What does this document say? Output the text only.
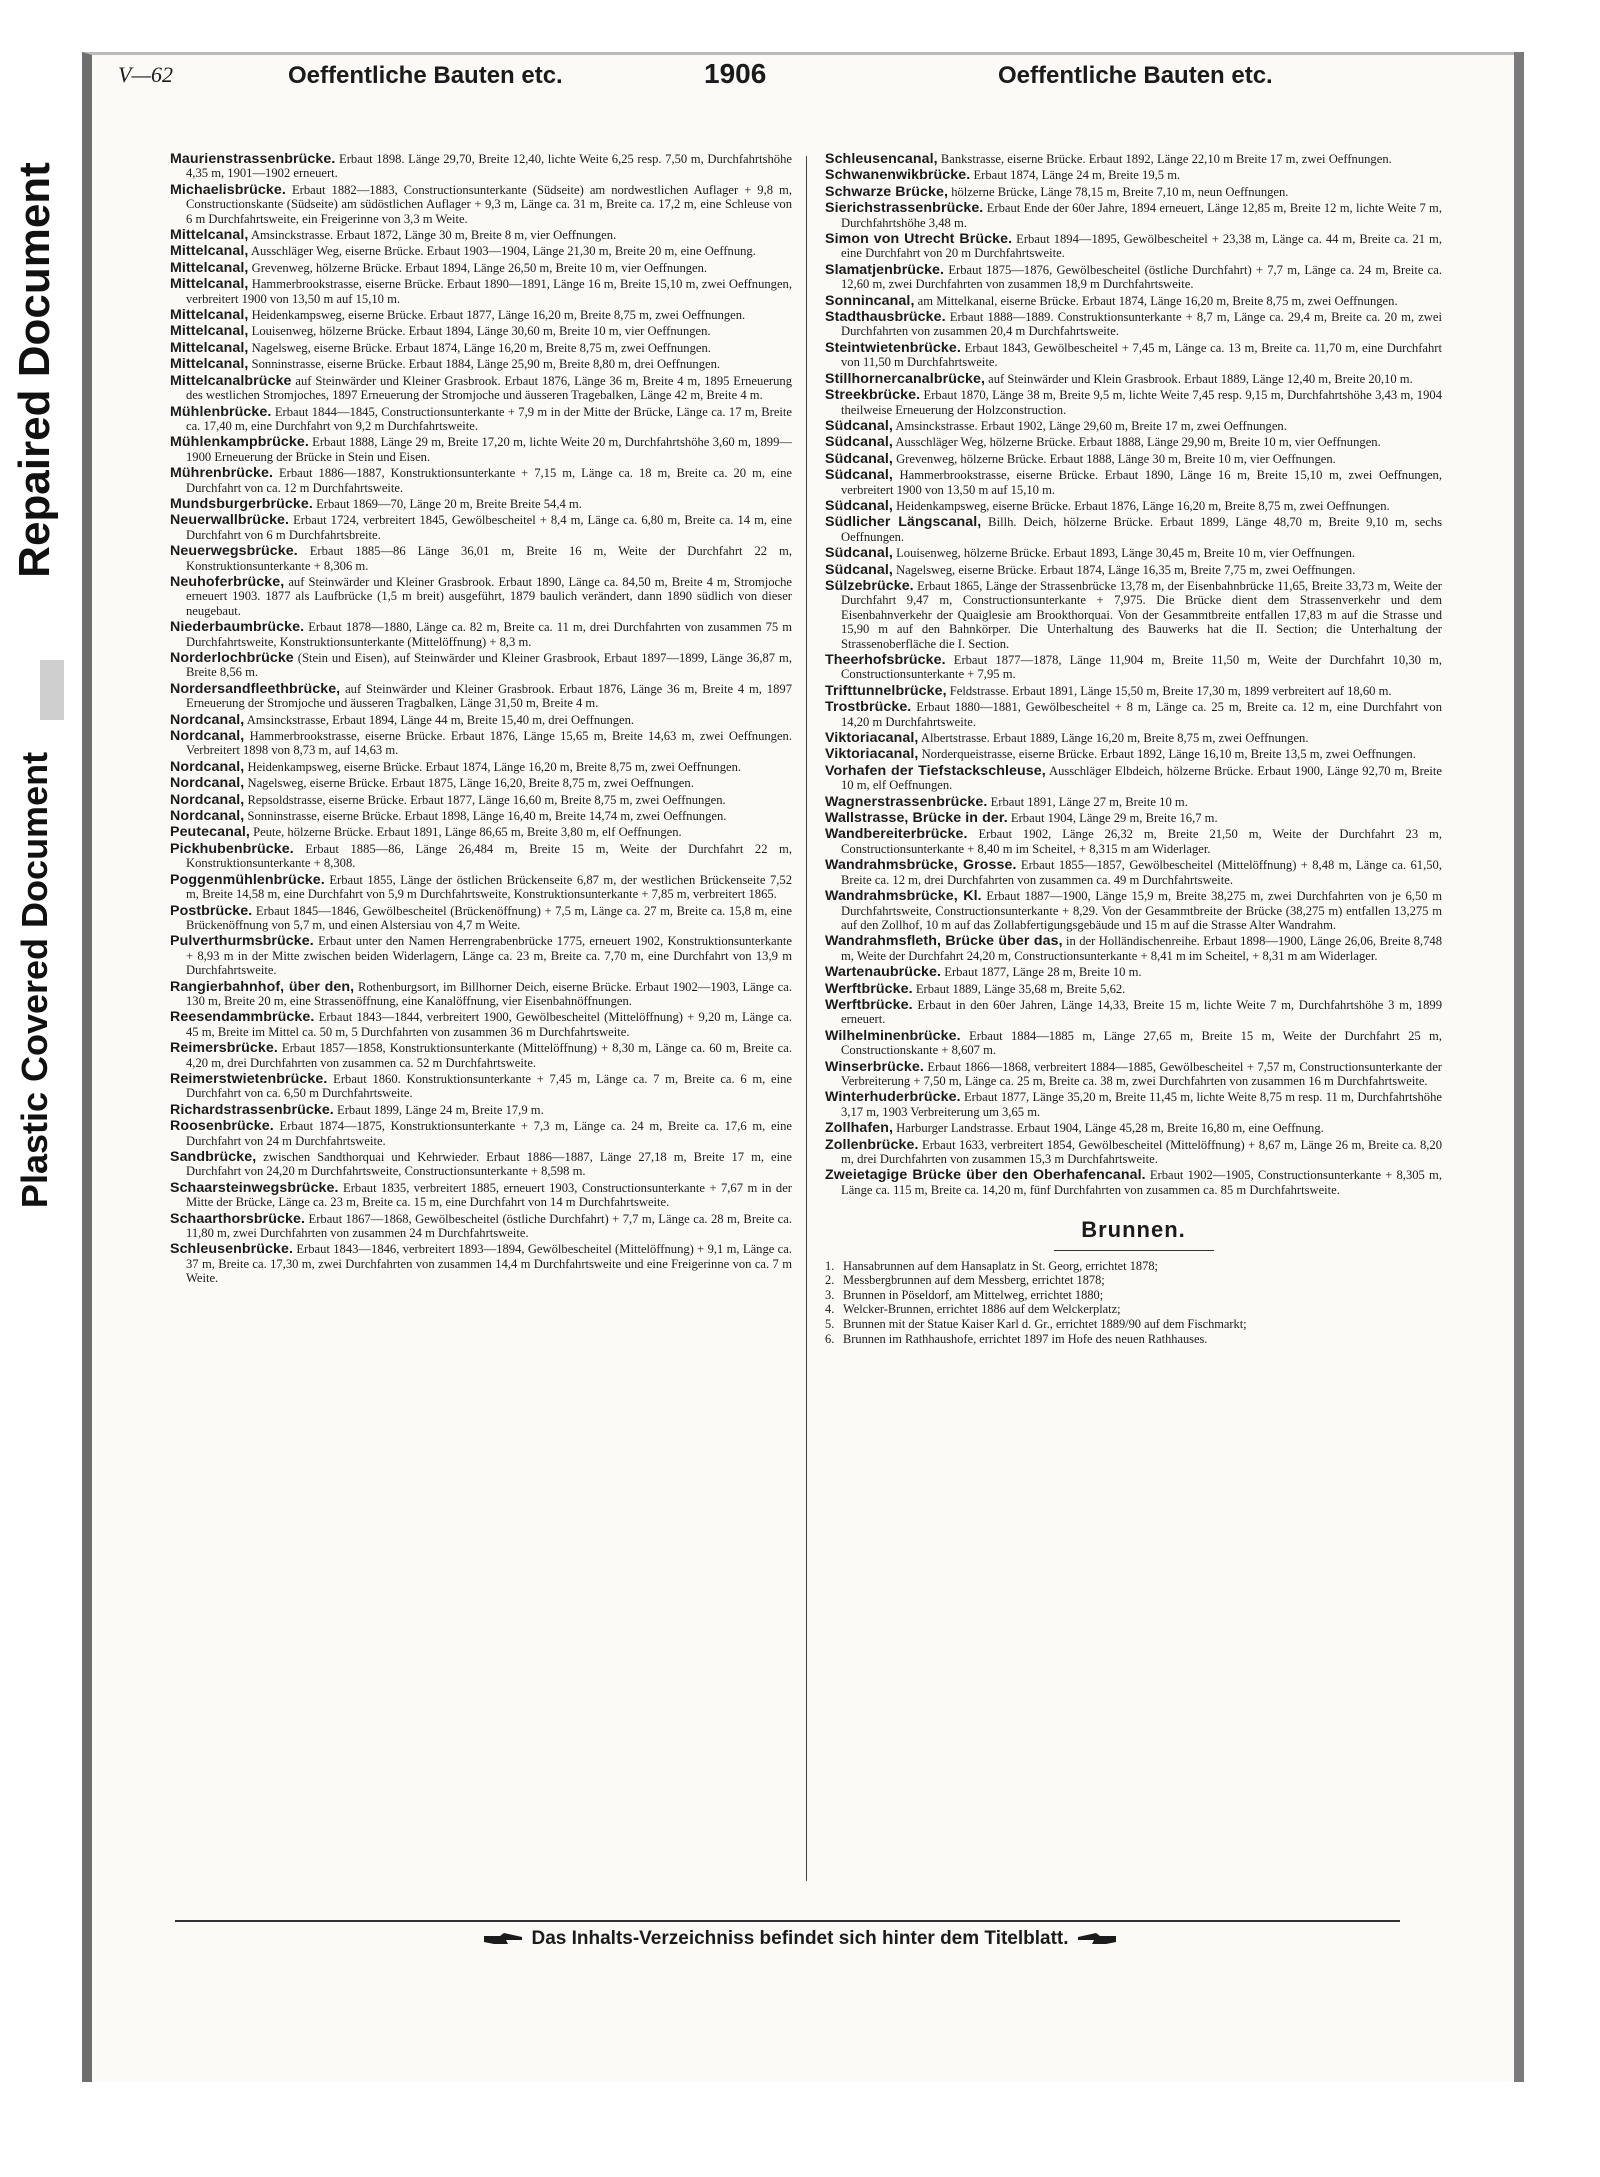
Repaired Document
Plastic Covered Document
V—62	Oeffentliche Bauten etc.	1906	Oeffentliche Bauten etc.

Maurienstrassenbrücke. Erbaut 1898. Länge 29,70, Breite 12,40, lichte Weite 6,25 resp. 7,50 m, Durchfahrtshöhe 4,35 m, 1901—1902 erneuert.

Michaelisbrücke. Erbaut 1882—1883, Constructionsunterkante (Südseite) am nordwestlichen Auflager + 9,8 m, Constructionskante (Südseite) am südöstlichen Auflager + 9,3 m, Länge ca. 31 m, Breite ca. 17,2 m, eine Schleuse von 6 m Durchfahrtsweite, ein Freigerinne von 3,3 m Weite.

Mittelcanal, Amsinckstrasse. Erbaut 1872, Länge 30 m, Breite 8 m, vier Oeffnungen.

Mittelcanal, Ausschläger Weg, eiserne Brücke. Erbaut 1903—1904, Länge 21,30 m, Breite 20 m, eine Oeffnung.

Mittelcanal, Grevenweg, hölzerne Brücke. Erbaut 1894, Länge 26,50 m, Breite 10 m, vier Oeffnungen.

Mittelcanal, Hammerbrookstrasse, eiserne Brücke. Erbaut 1890—1891, Länge 16 m, Breite 15,10 m, zwei Oeffnungen, verbreitert 1900 von 13,50 m auf 15,10 m.

Mittelcanal, Heidenkampsweg, eiserne Brücke. Erbaut 1877, Länge 16,20 m, Breite 8,75 m, zwei Oeffnungen.

Mittelcanal, Louisenweg, hölzerne Brücke. Erbaut 1894, Länge 30,60 m, Breite 10 m, vier Oeffnungen.

Mittelcanal, Nagelsweg, eiserne Brücke. Erbaut 1874, Länge 16,20 m, Breite 8,75 m, zwei Oeffnungen.

Mittelcanal, Sonninstrasse, eiserne Brücke. Erbaut 1884, Länge 25,90 m, Breite 8,80 m, drei Oeffnungen.

Mittelcanalbrücke auf Steinwärder und Kleiner Grasbrook. Erbaut 1876, Länge 36 m, Breite 4 m, 1895 Erneuerung des westlichen Stromjoches, 1897 Erneuerung der Stromjoche und äusseren Tragebalken, Länge 42 m, Breite 4 m.

Mühlenbrücke. Erbaut 1844—1845, Constructionsunterkante + 7,9 m in der Mitte der Brücke, Länge ca. 17 m, Breite ca. 17,40 m, eine Durchfahrt von 9,2 m Durchfahrtsweite.

Mühlenkampbrücke. Erbaut 1888, Länge 29 m, Breite 17,20 m, lichte Weite 20 m, Durchfahrtshöhe 3,60 m, 1899—1900 Erneuerung der Brücke in Stein und Eisen.

Mührenbrücke. Erbaut 1886—1887, Konstruktionsunterkante + 7,15 m, Länge ca. 18 m, Breite ca. 20 m, eine Durchfahrt von ca. 12 m Durchfahrtsweite.

Mundsburgerbrücke. Erbaut 1869—70, Länge 20 m, Breite Breite 54,4 m.

Neuerwallbrücke. Erbaut 1724, verbreitert 1845, Gewölbescheitel + 8,4 m, Länge ca. 6,80 m, Breite ca. 14 m, eine Durchfahrt von 6 m Durchfahrtsbreite.

Neuerwegsbrücke. Erbaut 1885—86 Länge 36,01 m, Breite 16 m, Weite der Durchfahrt 22 m, Konstruktionsunterkante + 8,306 m.

Neuhoferbrücke, auf Steinwärder und Kleiner Grasbrook. Erbaut 1890, Länge ca. 84,50 m, Breite 4 m, Stromjoche erneuert 1903. 1877 als Laufbrücke (1,5 m breit) ausgeführt, 1879 baulich verändert, dann 1890 südlich von dieser neugebaut.

Niederbaumbrücke. Erbaut 1878—1880, Länge ca. 82 m, Breite ca. 11 m, drei Durchfahrten von zusammen 75 m Durchfahrtsweite, Konstruktionsunterkante (Mittelöffnung) + 8,3 m.

Norderlochbrücke (Stein und Eisen), auf Steinwärder und Kleiner Grasbrook, Erbaut 1897—1899, Länge 36,87 m, Breite 8,56 m.

Nordersandfleethbrücke, auf Steinwärder und Kleiner Grasbrook. Erbaut 1876, Länge 36 m, Breite 4 m, 1897 Erneuerung der Stromjoche und äusseren Tragbalken, Länge 31,50 m, Breite 4 m.

Nordcanal, Amsinckstrasse, Erbaut 1894, Länge 44 m, Breite 15,40 m, drei Oeffnungen.

Nordcanal, Hammerbrookstrasse, eiserne Brücke. Erbaut 1876, Länge 15,65 m, Breite 14,63 m, zwei Oeffnungen. Verbreitert 1898 von 8,73 m, auf 14,63 m.

Nordcanal, Heidenkampsweg, eiserne Brücke. Erbaut 1874, Länge 16,20 m, Breite 8,75 m, zwei Oeffnungen.

Nordcanal, Nagelsweg, eiserne Brücke. Erbaut 1875, Länge 16,20, Breite 8,75 m, zwei Oeffnungen.

Nordcanal, Repsoldstrasse, eiserne Brücke. Erbaut 1877, Länge 16,60 m, Breite 8,75 m, zwei Oeffnungen.

Nordcanal, Sonninstrasse, eiserne Brücke. Erbaut 1898, Länge 16,40 m, Breite 14,74 m, zwei Oeffnungen.

Peutecanal, Peute, hölzerne Brücke. Erbaut 1891, Länge 86,65 m, Breite 3,80 m, elf Oeffnungen.

Pickhubenbrücke. Erbaut 1885—86, Länge 26,484 m, Breite 15 m, Weite der Durchfahrt 22 m, Konstruktionsunterkante + 8,308.

Poggenmühlenbrücke. Erbaut 1855, Länge der östlichen Brückenseite 6,87 m, der westlichen Brückenseite 7,52 m, Breite 14,58 m, eine Durchfahrt von 5,9 m Durchfahrtsweite, Konstruktionsunterkante + 7,85 m, verbreitert 1865.

Postbrücke. Erbaut 1845—1846, Gewölbescheitel (Brückenöffnung) + 7,5 m, Länge ca. 27 m, Breite ca. 15,8 m, eine Brückenöffnung von 5,7 m, und einen Alstersiau von 4,7 m Weite.

Pulverthurmsbrücke. Erbaut unter den Namen Herrengrabenbrücke 1775, erneuert 1902, Konstruktionsunterkante + 8,93 m in der Mitte zwischen beiden Widerlagern, Länge ca. 23 m, Breite ca. 7,70 m, eine Durchfahrt von 13,9 m Durchfahrtsweite.

Rangierbahnhof, über den, Rothenburgsort, im Billhorner Deich, eiserne Brücke. Erbaut 1902—1903, Länge ca. 130 m, Breite 20 m, eine Strassenöffnung, eine Kanalöffnung, vier Eisenbahnöffnungen.

Reesendammbrücke. Erbaut 1843—1844, verbreitert 1900, Gewölbescheitel (Mittelöffnung) + 9,20 m, Länge ca. 45 m, Breite im Mittel ca. 50 m, 5 Durchfahrten von zusammen 36 m Durchfahrtsweite.

Reimersbrücke. Erbaut 1857—1858, Konstruktionsunterkante (Mittelöffnung) + 8,30 m, Länge ca. 60 m, Breite ca. 4,20 m, drei Durchfahrten von zusammen ca. 52 m Durchfahrtsweite.

Reimerstwietenbrücke. Erbaut 1860. Konstruktionsunterkante + 7,45 m, Länge ca. 7 m, Breite ca. 6 m, eine Durchfahrt von ca. 6,50 m Durchfahrtsweite.

Richardstrassenbrücke. Erbaut 1899, Länge 24 m, Breite 17,9 m.

Roosenbrücke. Erbaut 1874—1875, Konstruktionsunterkante + 7,3 m, Länge ca. 24 m, Breite ca. 17,6 m, eine Durchfahrt von 24 m Durchfahrtsweite.

Sandbrücke, zwischen Sandthorquai und Kehrwieder. Erbaut 1886—1887, Länge 27,18 m, Breite 17 m, eine Durchfahrt von 24,20 m Durchfahrtsweite, Constructionsunterkante + 8,598 m.

Schaarsteinwegsbrücke. Erbaut 1835, verbreitert 1885, erneuert 1903, Constructionsunterkante + 7,67 m in der Mitte der Brücke, Länge ca. 23 m, Breite ca. 15 m, eine Durchfahrt von 14 m Durchfahrtsweite.

Schaarthorsbrücke. Erbaut 1867—1868, Gewölbescheitel (östliche Durchfahrt) + 7,7 m, Länge ca. 28 m, Breite ca. 11,80 m, zwei Durchfahrten von zusammen 24 m Durchfahrtsweite.

Schleusenbrücke. Erbaut 1843—1846, verbreitert 1893—1894, Gewölbescheitel (Mittelöffnung) + 9,1 m, Länge ca. 37 m, Breite ca. 17,30 m, zwei Durchfahrten von zusammen 14,4 m Durchfahrtsweite und eine Freigerinne von ca. 7 m Weite.

Schleusencanal, Bankstrasse, eiserne Brücke. Erbaut 1892, Länge 22,10 m Breite 17 m, zwei Oeffnungen.

Schwanenwikbrücke. Erbaut 1874, Länge 24 m, Breite 19,5 m.

Schwarze Brücke, hölzerne Brücke, Länge 78,15 m, Breite 7,10 m, neun Oeffnungen.

Sierichstrassenbrücke. Erbaut Ende der 60er Jahre, 1894 erneuert, Länge 12,85 m, Breite 12 m, lichte Weite 7 m, Durchfahrtshöhe 3,48 m.

Simon von Utrecht Brücke. Erbaut 1894—1895, Gewölbescheitel + 23,38 m, Länge ca. 44 m, Breite ca. 21 m, eine Durchfahrt von 20 m Durchfahrtsweite.

Slamatjenbrücke. Erbaut 1875—1876, Gewölbescheitel (östliche Durchfahrt) + 7,7 m, Länge ca. 24 m, Breite ca. 12,60 m, zwei Durchfahrten von zusammen 18,9 m Durchfahrtsweite.

Sonnincanal, am Mittelkanal, eiserne Brücke. Erbaut 1874, Länge 16,20 m, Breite 8,75 m, zwei Oeffnungen.

Stadthausbrücke. Erbaut 1888—1889. Construktionsunterkante + 8,7 m, Länge ca. 29,4 m, Breite ca. 20 m, zwei Durchfahrten von zusammen 20,4 m Durchfahrtsweite.

Steintwietenbrücke. Erbaut 1843, Gewölbescheitel + 7,45 m, Länge ca. 13 m, Breite ca. 11,70 m, eine Durchfahrt von 11,50 m Durchfahrtsweite.

Stillhornercanalbrücke, auf Steinwärder und Klein Grasbrook. Erbaut 1889, Länge 12,40 m, Breite 20,10 m.

Streekbrücke. Erbaut 1870, Länge 38 m, Breite 9,5 m, lichte Weite 7,45 resp. 9,15 m, Durchfahrtshöhe 3,43 m, 1904 theilweise Erneuerung der Holzconstruction.

Südcanal, Amsinckstrasse. Erbaut 1902, Länge 29,60 m, Breite 17 m, zwei Oeffnungen.

Südcanal, Ausschläger Weg, hölzerne Brücke. Erbaut 1888, Länge 29,90 m, Breite 10 m, vier Oeffnungen.

Südcanal, Grevenweg, hölzerne Brücke. Erbaut 1888, Länge 30 m, Breite 10 m, vier Oeffnungen.

Südcanal, Hammerbrookstrasse, eiserne Brücke. Erbaut 1890, Länge 16 m, Breite 15,10 m, zwei Oeffnungen, verbreitert 1900 von 13,50 m auf 15,10 m.

Südcanal, Heidenkampsweg, eiserne Brücke. Erbaut 1876, Länge 16,20 m, Breite 8,75 m, zwei Oeffnungen.

Südlicher Längscanal, Billh. Deich, hölzerne Brücke. Erbaut 1899, Länge 48,70 m, Breite 9,10 m, sechs Oeffnungen.

Südcanal, Louisenweg, hölzerne Brücke. Erbaut 1893, Länge 30,45 m, Breite 10 m, vier Oeffnungen.

Südcanal, Nagelsweg, eiserne Brücke. Erbaut 1874, Länge 16,35 m, Breite 7,75 m, zwei Oeffnungen.

Sülzebrücke. Erbaut 1865, Länge der Strassenbrücke 13,78 m, der Eisenbahnbrücke 11,65, Breite 33,73 m, Weite der Durchfahrt 9,47 m, Constructionsunterkante + 7,975. Die Brücke dient dem Strassenverkehr und dem Eisenbahnverkehr der Quaiglesie am Brookthorquai. Von der Gesammtbreite entfallen 17,83 m auf die Strasse und 15,90 m auf den Bahnkörper. Die Unterhaltung des Bauwerks hat die II. Section; die Unterhaltung der Strassenoberfläche die I. Section.

Theerhofsbrücke. Erbaut 1877—1878, Länge 11,904 m, Breite 11,50 m, Weite der Durchfahrt 10,30 m, Constructionsunterkante + 7,95 m.

Trifttunnelbrücke, Feldstrasse. Erbaut 1891, Länge 15,50 m, Breite 17,30 m, 1899 verbreitert auf 18,60 m.

Trostbrücke. Erbaut 1880—1881, Gewölbescheitel + 8 m, Länge ca. 25 m, Breite ca. 12 m, eine Durchfahrt von 14,20 m Durchfahrtsweite.

Viktoriacanal, Albertstrasse. Erbaut 1889, Länge 16,20 m, Breite 8,75 m, zwei Oeffnungen.

Viktoriacanal, Norderqueistrasse, eiserne Brücke. Erbaut 1892, Länge 16,10 m, Breite 13,5 m, zwei Oeffnungen.

Vorhafen der Tiefstackschleuse, Ausschläger Elbdeich, hölzerne Brücke. Erbaut 1900, Länge 92,70 m, Breite 10 m, elf Oeffnungen.

Wagnerstrassenbrücke. Erbaut 1891, Länge 27 m, Breite 10 m.

Wallstrasse, Brücke in der. Erbaut 1904, Länge 29 m, Breite 16,7 m.

Wandbereiterbrücke. Erbaut 1902, Länge 26,32 m, Breite 21,50 m, Weite der Durchfahrt 23 m, Constructionsunterkante + 8,40 m im Scheitel, + 8,315 m am Widerlager.

Wandrahmsbrücke, Grosse. Erbaut 1855—1857, Gewölbescheitel (Mittelöffnung) + 8,48 m, Länge ca. 61,50, Breite ca. 12 m, drei Durchfahrten von zusammen ca. 49 m Durchfahrtsweite.

Wandrahmsbrücke, Kl. Erbaut 1887—1900, Länge 15,9 m, Breite 38,275 m, zwei Durchfahrten von je 6,50 m Durchfahrtsweite, Constructionsunterkante + 8,29. Von der Gesammtbreite der Brücke (38,275 m) entfallen 13,275 m auf den Zollhof, 10 m auf das Zollabfertigungsgebäude und 15 m auf die Strasse Alter Wandrahm.

Wandrahmsfleth, Brücke über das, in der Holländischenreihe. Erbaut 1898—1900, Länge 26,06, Breite 8,748 m, Weite der Durchfahrt 24,20 m, Constructionsunterkante + 8,41 m im Scheitel, + 8,31 m am Widerlager.

Wartenaubrücke. Erbaut 1877, Länge 28 m, Breite 10 m.

Werftbrücke. Erbaut 1889, Länge 35,68 m, Breite 5,62.

Werftbrücke. Erbaut in den 60er Jahren, Länge 14,33, Breite 15 m, lichte Weite 7 m, Durchfahrtshöhe 3 m, 1899 erneuert.

Wilhelminenbrücke. Erbaut 1884—1885 m, Länge 27,65 m, Breite 15 m, Weite der Durchfahrt 25 m, Constructionskante + 8,607 m.

Winserbrücke. Erbaut 1866—1868, verbreitert 1884—1885, Gewölbescheitel + 7,57 m, Constructionsunterkante der Verbreiterung + 7,50 m, Länge ca. 25 m, Breite ca. 38 m, zwei Durchfahrten von zusammen 16 m Durchfahrtsweite.

Winterhuderbrücke. Erbaut 1877, Länge 35,20 m, Breite 11,45 m, lichte Weite 8,75 m resp. 11 m, Durchfahrtshöhe 3,17 m, 1903 Verbreiterung um 3,65 m.

Zollhafen, Harburger Landstrasse. Erbaut 1904, Länge 45,28 m, Breite 16,80 m, eine Oeffnung.

Zollenbrücke. Erbaut 1633, verbreitert 1854, Gewölbescheitel (Mittelöffnung) + 8,67 m, Länge 26 m, Breite ca. 8,20 m, drei Durchfahrten von zusammen 15,3 m Durchfahrtsweite.

Zweietagige Brücke über den Oberhafencanal. Erbaut 1902—1905, Constructionsunterkante + 8,305 m, Länge ca. 115 m, Breite ca. 14,20 m, fünf Durchfahrten von zusammen ca. 85 m Durchfahrtsweite.

Brunnen.
1. Hansabrunnen auf dem Hansaplatz in St. Georg, errichtet 1878;
2. Messbergbrunnen auf dem Messberg, errichtet 1878;
3. Brunnen in Pöseldorf, am Mittelweg, errichtet 1880;
4. Welcker-Brunnen, errichtet 1886 auf dem Welckerplatz;
5. Brunnen mit der Statue Kaiser Karl d. Gr., errichtet 1889/90 auf dem Fischmarkt;
6. Brunnen im Rathhaushofe, errichtet 1897 im Hofe des neuen Rathhauses.
Das Inhalts-Verzeichniss befindet sich hinter dem Titelblatt.
